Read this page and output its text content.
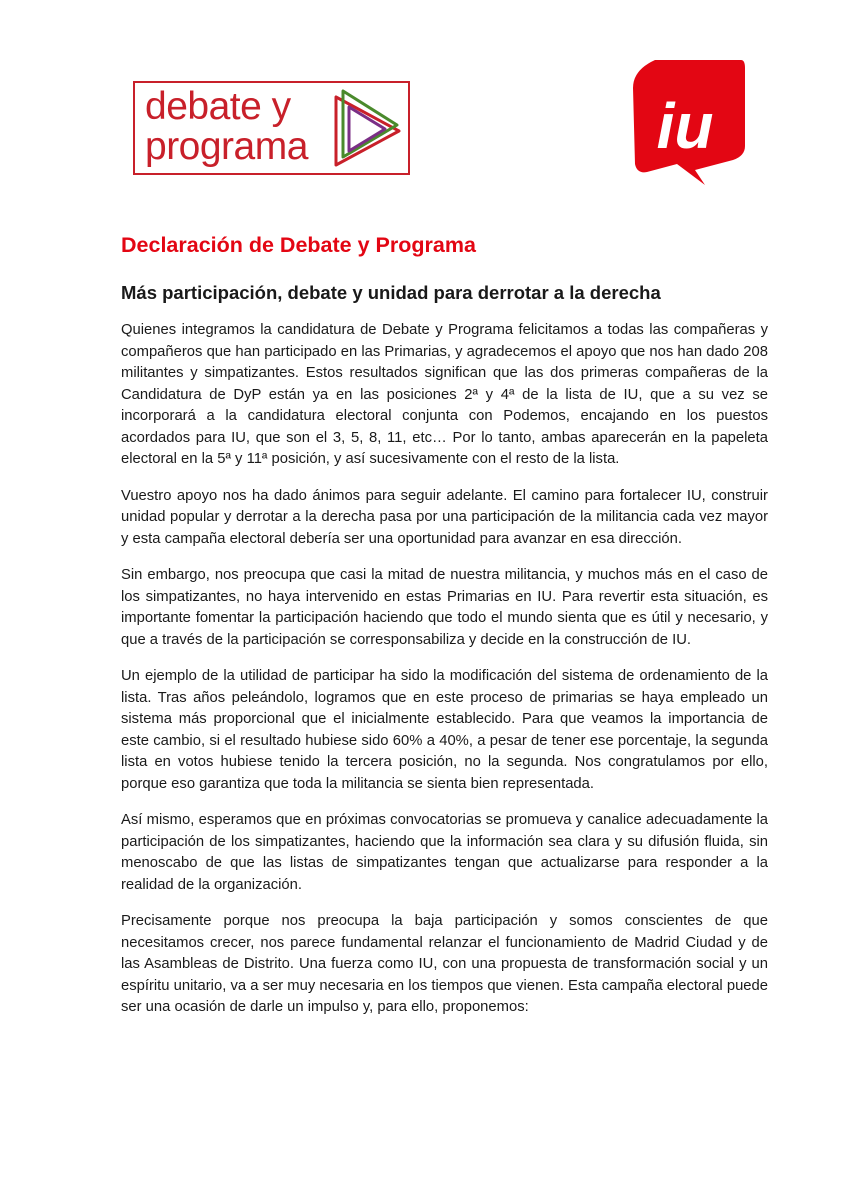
debate y
programa	iu
Declaración de Debate y Programa
Más participación, debate y unidad para derrotar a la derecha

Quienes integramos la candidatura de Debate y Programa felicitamos a todas las compañeras y compañeros que han participado en las Primarias, y agradecemos el apoyo que nos han dado 208 militantes y simpatizantes. Estos resultados significan que las dos primeras compañeras de la Candidatura de DyP están ya en las posiciones 2ª y 4ª de la lista de IU, que a su vez se incorporará a la candidatura electoral conjunta con Podemos, encajando en los puestos acordados para IU, que son el 3, 5, 8, 11, etc… Por lo tanto, ambas aparecerán en la papeleta electoral en la 5ª y 11ª posición, y así sucesivamente con el resto de la lista.

Vuestro apoyo nos ha dado ánimos para seguir adelante. El camino para fortalecer IU, construir unidad popular y derrotar a la derecha pasa por una participación de la militancia cada vez mayor y esta campaña electoral debería ser una oportunidad para avanzar en esa dirección.

Sin embargo, nos preocupa que casi la mitad de nuestra militancia, y muchos más en el caso de los simpatizantes, no haya intervenido en estas Primarias en IU. Para revertir esta situación, es importante fomentar la participación haciendo que todo el mundo sienta que es útil y necesario, y que a través de la participación se corresponsabiliza y decide en la construcción de IU.

Un ejemplo de la utilidad de participar ha sido la modificación del sistema de ordenamiento de la lista. Tras años peleándolo, logramos que en este proceso de primarias se haya empleado un sistema más proporcional que el inicialmente establecido. Para que veamos la importancia de este cambio, si el resultado hubiese sido 60% a 40%, a pesar de tener ese porcentaje, la segunda lista en votos hubiese tenido la tercera posición, no la segunda. Nos congratulamos por ello, porque eso garantiza que toda la militancia se sienta bien representada.

Así mismo, esperamos que en próximas convocatorias se promueva y canalice adecuadamente la participación de los simpatizantes, haciendo que la información sea clara y su difusión fluida, sin menoscabo de que las listas de simpatizantes tengan que actualizarse para responder a la realidad de la organización.

Precisamente porque nos preocupa la baja participación y somos conscientes de que necesitamos crecer, nos parece fundamental relanzar el funcionamiento de Madrid Ciudad y de las Asambleas de Distrito. Una fuerza como IU, con una propuesta de transformación social y un espíritu unitario, va a ser muy necesaria en los tiempos que vienen. Esta campaña electoral puede ser una ocasión de darle un impulso y, para ello, proponemos:
